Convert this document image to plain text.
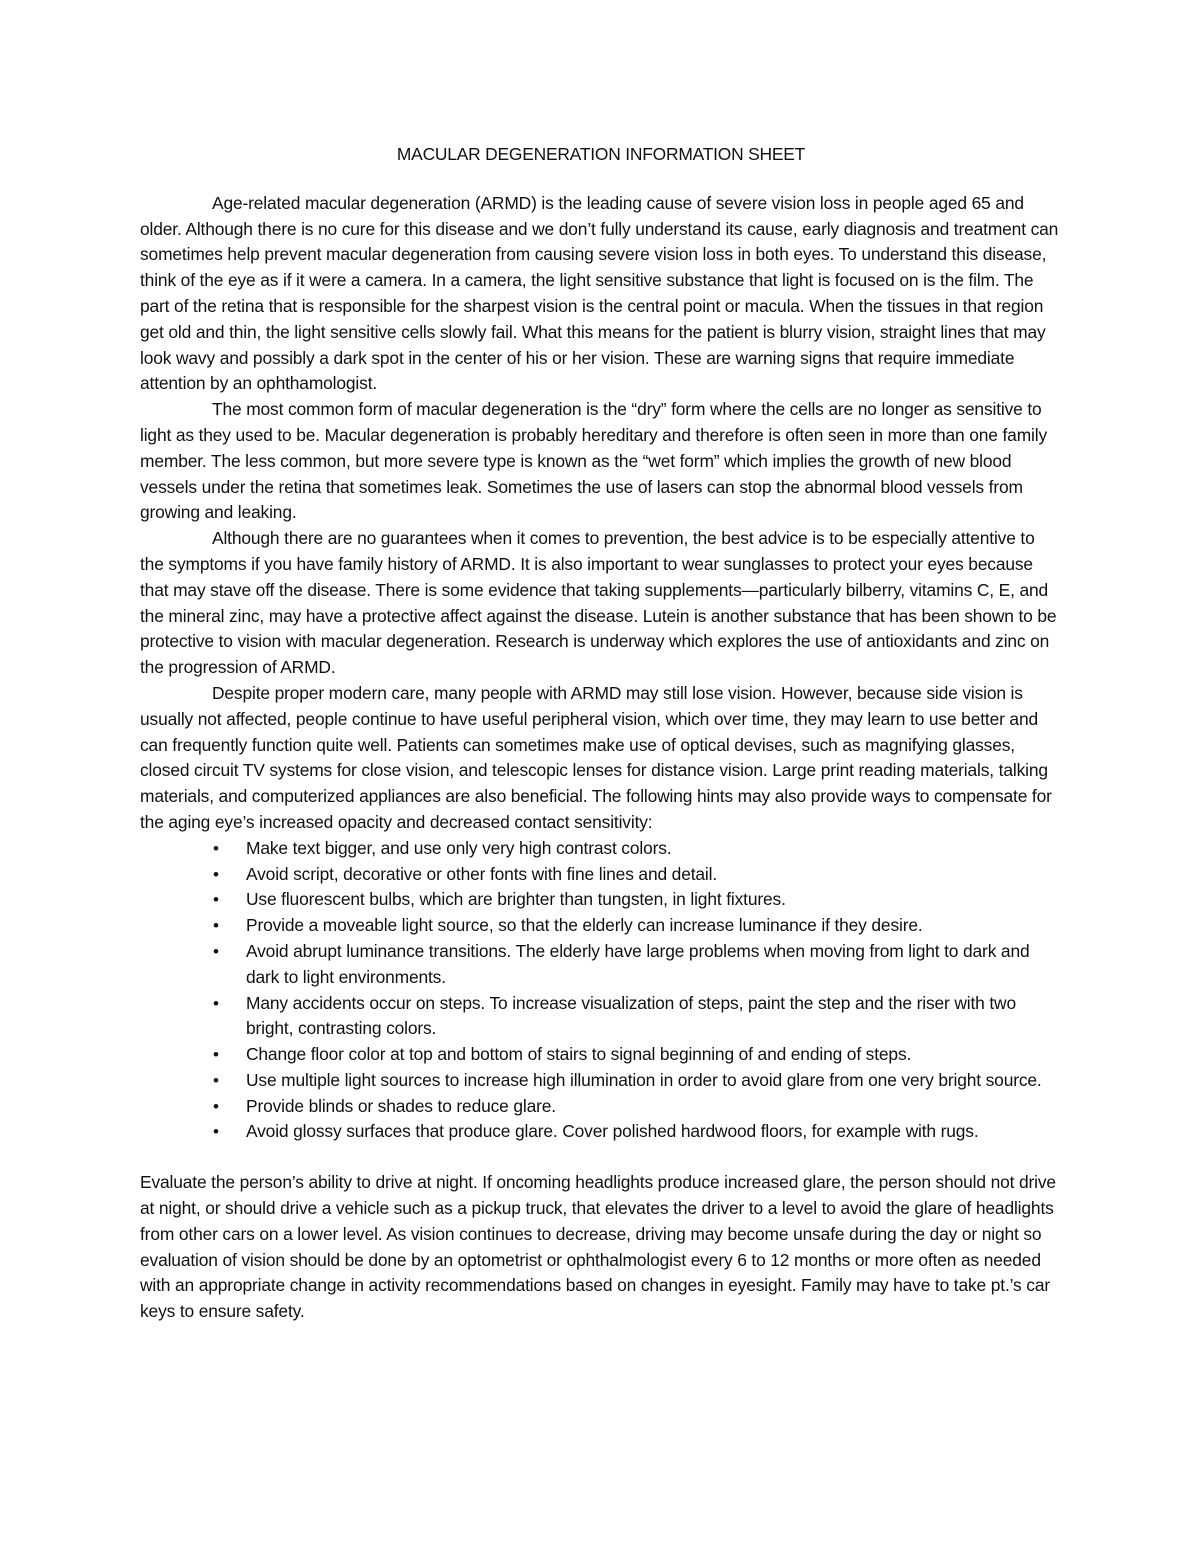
MACULAR DEGENERATION INFORMATION SHEET

Age-related macular degeneration (ARMD) is the leading cause of severe vision loss in people aged 65 and older. Although there is no cure for this disease and we don’t fully understand its cause, early diagnosis and treatment can sometimes help prevent macular degeneration from causing severe vision loss in both eyes. To understand this disease, think of the eye as if it were a camera. In a camera, the light sensitive substance that light is focused on is the film. The part of the retina that is responsible for the sharpest vision is the central point or macula. When the tissues in that region get old and thin, the light sensitive cells slowly fail. What this means for the patient is blurry vision, straight lines that may look wavy and possibly a dark spot in the center of his or her vision. These are warning signs that require immediate attention by an ophthamologist.

The most common form of macular degeneration is the “dry” form where the cells are no longer as sensitive to light as they used to be. Macular degeneration is probably hereditary and therefore is often seen in more than one family member. The less common, but more severe type is known as the “wet form” which implies the growth of new blood vessels under the retina that sometimes leak. Sometimes the use of lasers can stop the abnormal blood vessels from growing and leaking.

Although there are no guarantees when it comes to prevention, the best advice is to be especially attentive to the symptoms if you have family history of ARMD. It is also important to wear sunglasses to protect your eyes because that may stave off the disease. There is some evidence that taking supplements—particularly bilberry, vitamins C, E, and the mineral zinc, may have a protective affect against the disease. Lutein is another substance that has been shown to be protective to vision with macular degeneration. Research is underway which explores the use of antioxidants and zinc on the progression of ARMD.

Despite proper modern care, many people with ARMD may still lose vision. However, because side vision is usually not affected, people continue to have useful peripheral vision, which over time, they may learn to use better and can frequently function quite well. Patients can sometimes make use of optical devises, such as magnifying glasses, closed circuit TV systems for close vision, and telescopic lenses for distance vision. Large print reading materials, talking materials, and computerized appliances are also beneficial. The following hints may also provide ways to compensate for the aging eye’s increased opacity and decreased contact sensitivity:

• Make text bigger, and use only very high contrast colors.
• Avoid script, decorative or other fonts with fine lines and detail.
• Use fluorescent bulbs, which are brighter than tungsten, in light fixtures.
• Provide a moveable light source, so that the elderly can increase luminance if they desire.
• Avoid abrupt luminance transitions. The elderly have large problems when moving from light to dark and dark to light environments.
• Many accidents occur on steps. To increase visualization of steps, paint the step and the riser with two bright, contrasting colors.
• Change floor color at top and bottom of stairs to signal beginning of and ending of steps.
• Use multiple light sources to increase high illumination in order to avoid glare from one very bright source.
• Provide blinds or shades to reduce glare.
• Avoid glossy surfaces that produce glare. Cover polished hardwood floors, for example with rugs.

Evaluate the person’s ability to drive at night. If oncoming headlights produce increased glare, the person should not drive at night, or should drive a vehicle such as a pickup truck, that elevates the driver to a level to avoid the glare of headlights from other cars on a lower level. As vision continues to decrease, driving may become unsafe during the day or night so evaluation of vision should be done by an optometrist or ophthalmologist every 6 to 12 months or more often as needed with an appropriate change in activity recommendations based on changes in eyesight. Family may have to take pt.’s car keys to ensure safety.
